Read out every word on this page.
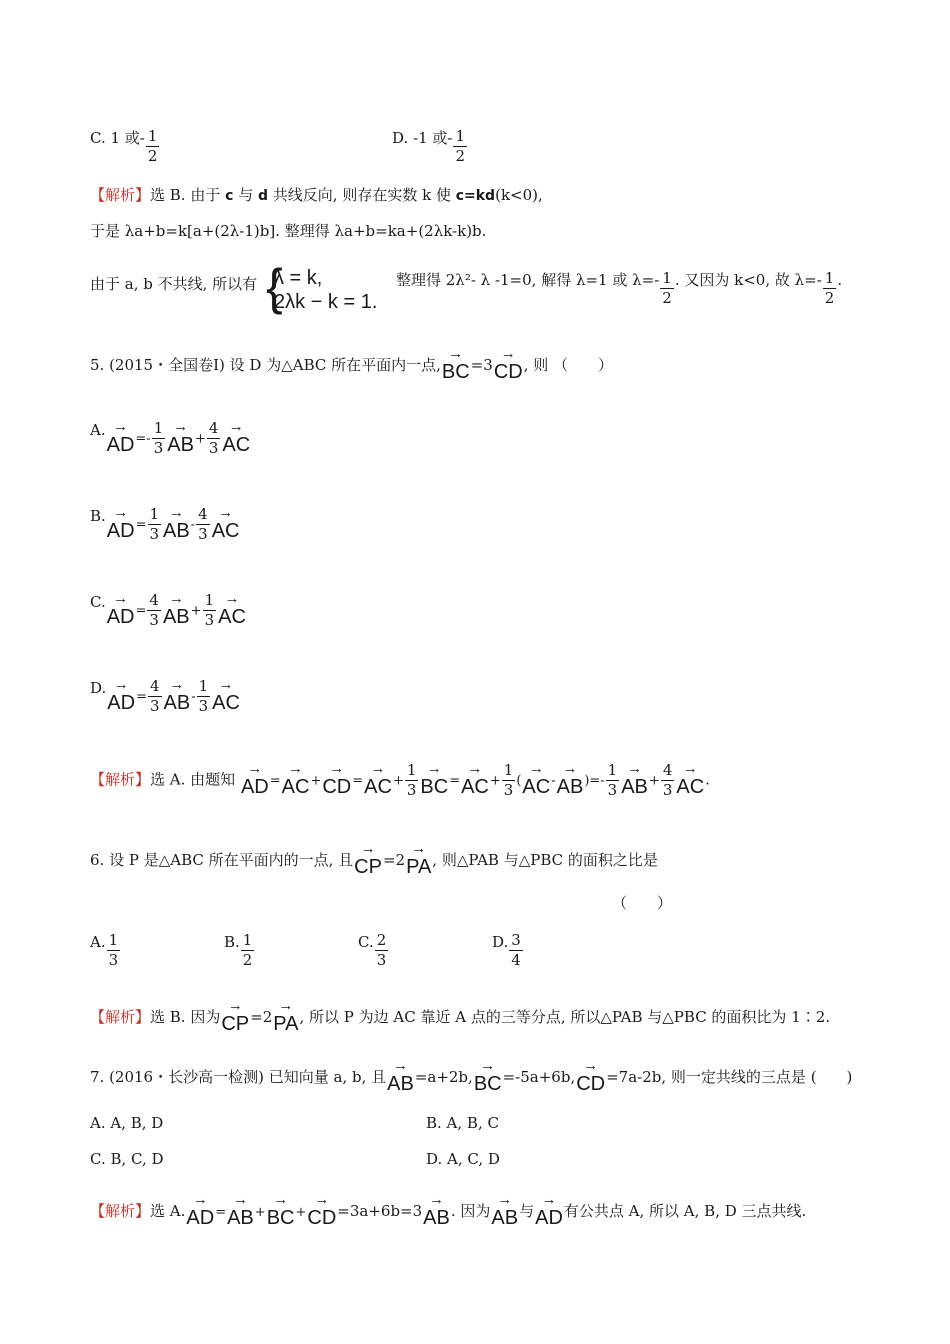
C. 1 或- $\frac{1}{2}$	D. -1 或- $\frac{1}{2}$
【解析】选 B. 由于 c 与 d 共线反向, 则存在实数 k 使 c=kd(k<0),
于是 λa+b=k[a+(2λ-1)b]. 整理得 λa+b=ka+(2λk-k)b.
由于 a, b 不共线, 所以有 {
λ = k,
2λk − k = 1.
整理得 2λ²- λ -1=0, 解得 λ=1 或 $\lambda=- \frac{1}{2}$ . 又因为 k<0, 故 $\lambda=- \frac{1}{2}$ .
5. (2015・全国卷Ⅰ) 设 D 为△ABC 所在平面内一点,→ BC=3→ CD, 则 （　　）
$A.\to AD=- \frac{1}{3}$
→ $AB+ \frac{4}{3}$
→ AC
$B.\to AD= \frac{1}{3}$
→ $AB- \frac{4}{3}$
→ AC
$C.\to AD= \frac{4}{3}$
→ $AB+ \frac{1}{3}$
→ AC
$D.\to AD= \frac{4}{3}$
→ $AB- \frac{1}{3}$
→ AC
【解析】选 A. 由题知 → $AD=\to AC+\to CD=\to AC+ \frac{1}{3}$
→ $BC=\to AC+ \frac{1}{3}$ (→ $AC-\to AB)=- \frac{1}{3}$
→ $AB+ \frac{4}{3}$
→ AC.
6. 设 P 是△ABC 所在平面内的一点, 且→ CP=2→ PA, 则△PAB 与△PBC 的面积之比是
（　　）
A. $\frac{1}{3}$	B. $\frac{1}{2}$	C. $\frac{2}{3}$	D. $\frac{3}{4}$
【解析】选 B. 因为→ CP=2→ PA, 所以 P 为边 AC 靠近 A 点的三等分点, 所以△PAB 与△PBC 的面积比为 1∶2.
7. (2016・长沙高一检测) 已知向量 a, b, 且→ AB=a+2b,→ BC=-5a+6b,→ CD=7a-2b, 则一定共线的三点是 (　　)
A. A, B, D	B. A, B, C
C. B, C, D	D. A, C, D
【解析】选 A.→ AD=→ AB+→ BC+→ CD=3a+6b=3→ AB. 因为→ AB与→ AD有公共点 A, 所以 A, B, D 三点共线.
